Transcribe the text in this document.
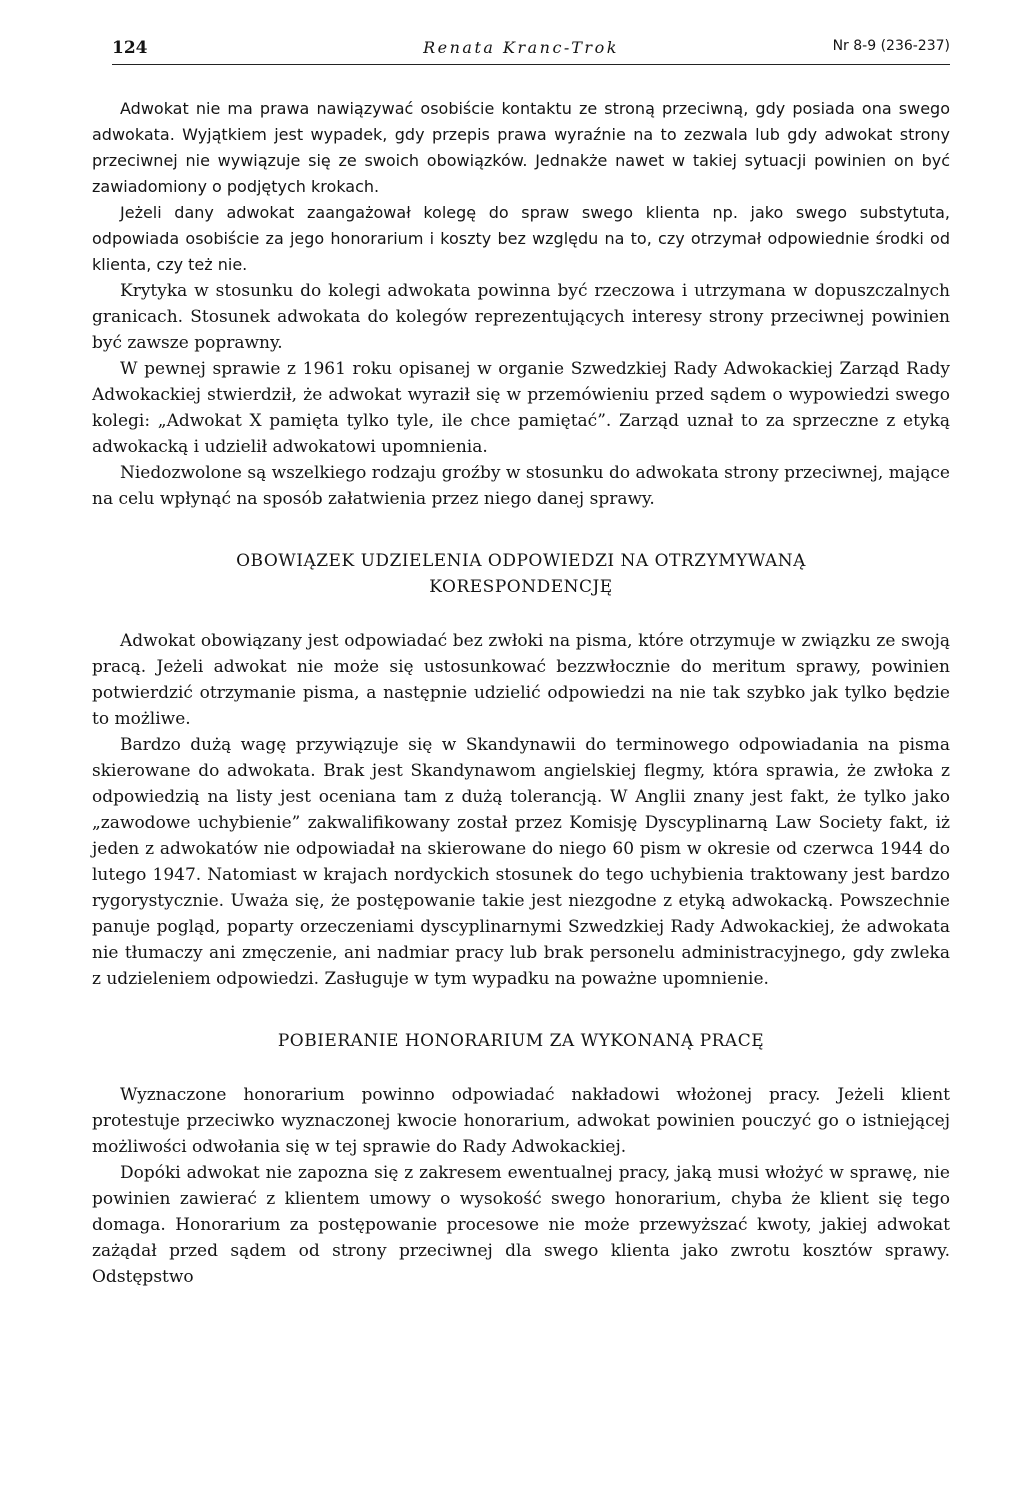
124	Renata Kranc-Trok	Nr 8-9 (236-237)

Adwokat nie ma prawa nawiązywać osobiście kontaktu ze stroną przeciwną, gdy posiada ona swego adwokata. Wyjątkiem jest wypadek, gdy przepis prawa wyraźnie na to zezwala lub gdy adwokat strony przeciwnej nie wywiązuje się ze swoich obowiązków. Jednakże nawet w takiej sytuacji powinien on być zawiadomiony o podjętych krokach.

Jeżeli dany adwokat zaangażował kolegę do spraw swego klienta np. jako swego substytuta, odpowiada osobiście za jego honorarium i koszty bez względu na to, czy otrzymał odpowiednie środki od klienta, czy też nie.

Krytyka w stosunku do kolegi adwokata powinna być rzeczowa i utrzymana w dopuszczalnych granicach. Stosunek adwokata do kolegów reprezentujących interesy strony przeciwnej powinien być zawsze poprawny.

W pewnej sprawie z 1961 roku opisanej w organie Szwedzkiej Rady Adwokackiej Zarząd Rady Adwokackiej stwierdził, że adwokat wyraził się w przemówieniu przed sądem o wypowiedzi swego kolegi: „Adwokat X pamięta tylko tyle, ile chce pamiętać”. Zarząd uznał to za sprzeczne z etyką adwokacką i udzielił adwokatowi upomnienia.

Niedozwolone są wszelkiego rodzaju groźby w stosunku do adwokata strony przeciwnej, mające na celu wpłynąć na sposób załatwienia przez niego danej sprawy.

OBOWIĄZEK UDZIELENIA ODPOWIEDZI NA OTRZYMYWANĄ KORESPONDENCJĘ

Adwokat obowiązany jest odpowiadać bez zwłoki na pisma, które otrzymuje w związku ze swoją pracą. Jeżeli adwokat nie może się ustosunkować bezzwłocznie do meritum sprawy, powinien potwierdzić otrzymanie pisma, a następnie udzielić odpowiedzi na nie tak szybko jak tylko będzie to możliwe.

Bardzo dużą wagę przywiązuje się w Skandynawii do terminowego odpowiadania na pisma skierowane do adwokata. Brak jest Skandynawom angielskiej flegmy, która sprawia, że zwłoka z odpowiedzią na listy jest oceniana tam z dużą tolerancją. W Anglii znany jest fakt, że tylko jako „zawodowe uchybienie” zakwalifikowany został przez Komisję Dyscyplinarną Law Society fakt, iż jeden z adwokatów nie odpowiadał na skierowane do niego 60 pism w okresie od czerwca 1944 do lutego 1947. Natomiast w krajach nordyckich stosunek do tego uchybienia traktowany jest bardzo rygorystycznie. Uważa się, że postępowanie takie jest niezgodne z etyką adwokacką. Powszechnie panuje pogląd, poparty orzeczeniami dyscyplinarnymi Szwedzkiej Rady Adwokackiej, że adwokata nie tłumaczy ani zmęczenie, ani nadmiar pracy lub brak personelu administracyjnego, gdy zwleka z udzieleniem odpowiedzi. Zasługuje w tym wypadku na poważne upomnienie.

POBIERANIE HONORARIUM ZA WYKONANĄ PRACĘ

Wyznaczone honorarium powinno odpowiadać nakładowi włożonej pracy. Jeżeli klient protestuje przeciwko wyznaczonej kwocie honorarium, adwokat powinien pouczyć go o istniejącej możliwości odwołania się w tej sprawie do Rady Adwokackiej.

Dopóki adwokat nie zapozna się z zakresem ewentualnej pracy, jaką musi włożyć w sprawę, nie powinien zawierać z klientem umowy o wysokość swego honorarium, chyba że klient się tego domaga. Honorarium za postępowanie procesowe nie może przewyższać kwoty, jakiej adwokat zażądał przed sądem od strony przeciwnej dla swego klienta jako zwrotu kosztów sprawy. Odstępstwo
